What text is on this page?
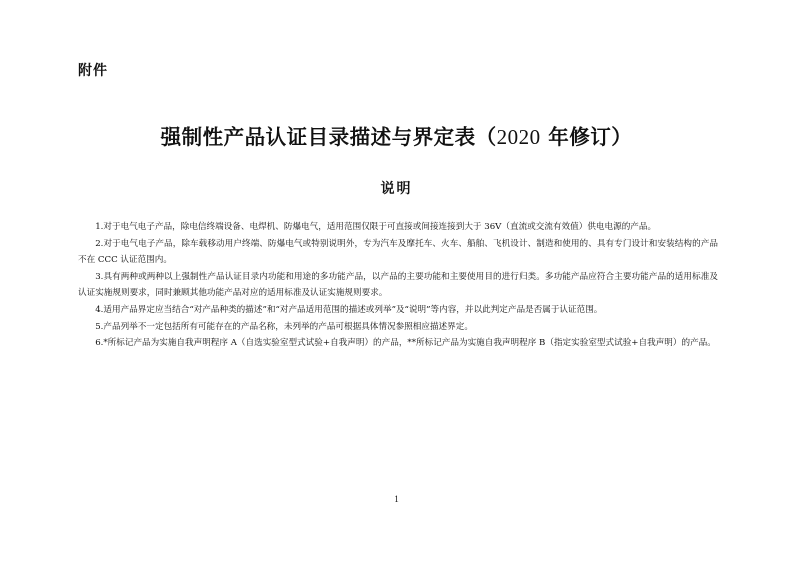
附件
强制性产品认证目录描述与界定表（2020 年修订）
说明

1.对于电气电子产品，除电信终端设备、电焊机、防爆电气，适用范围仅限于可直接或间接连接到大于 36V（直流或交流有效值）供电电源的产品。

2.对于电气电子产品，除车载移动用户终端、防爆电气或特别说明外，专为汽车及摩托车、火车、船舶、飞机设计、制造和使用的、具有专门设计和安装结构的产品不在 CCC 认证范围内。

3.具有两种或两种以上强制性产品认证目录内功能和用途的多功能产品，以产品的主要功能和主要使用目的进行归类。多功能产品应符合主要功能产品的适用标准及认证实施规则要求，同时兼顾其他功能产品对应的适用标准及认证实施规则要求。

4.适用产品界定应当结合“对产品种类的描述”和“对产品适用范围的描述或列举”及“说明”等内容，并以此判定产品是否属于认证范围。

5.产品列举不一定包括所有可能存在的产品名称，未列举的产品可根据具体情况参照相应描述界定。

6.*所标记产品为实施自我声明程序 A（自选实验室型式试验+自我声明）的产品，**所标记产品为实施自我声明程序 B（指定实验室型式试验+自我声明）的产品。

1
